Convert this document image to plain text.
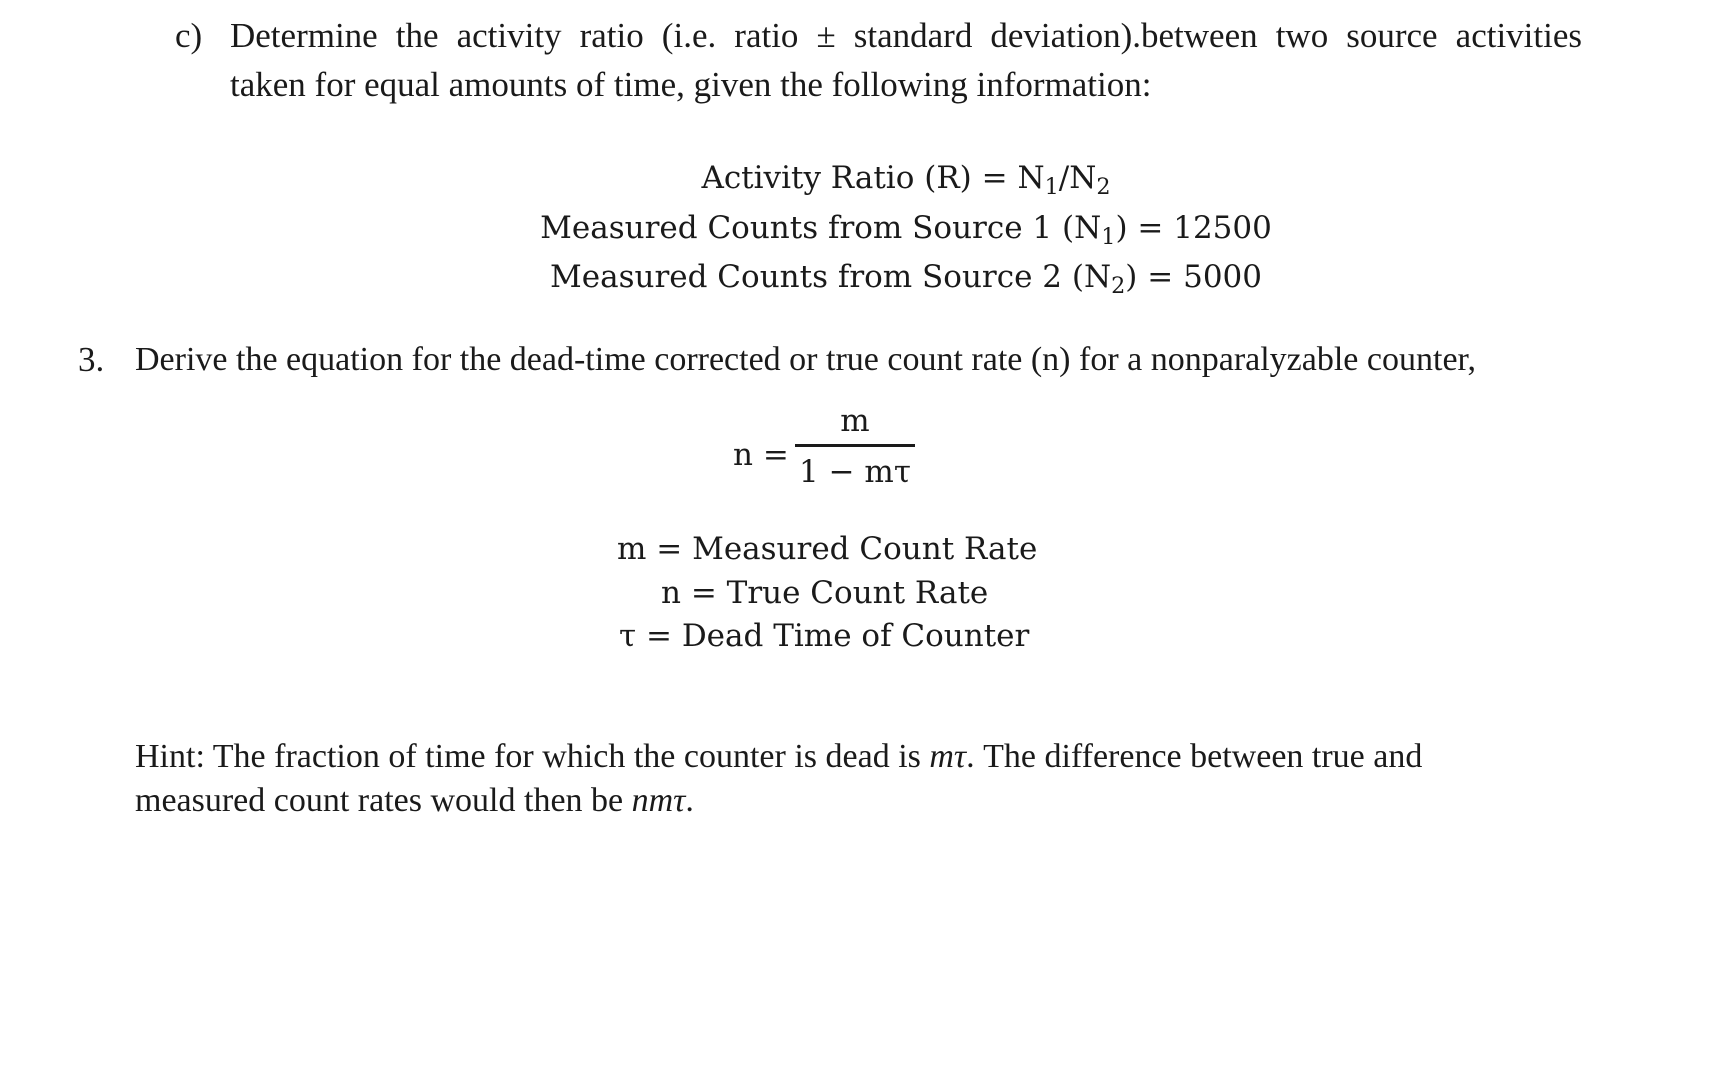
c) Determine the activity ratio (i.e. ratio ± standard deviation).between two source activities
taken for equal amounts of time, given the following information:
Activity Ratio $(R) = N_1/N_2$
Measured Counts from Source 1 $(N_1) = 12500$
Measured Counts from Source 2 $(N_2) = 5000$
3. Derive the equation for the dead-time corrected or true count rate (n) for a nonparalyzable counter,
n =
m
1 − mτ
m = Measured Count Rate
n = True Count Rate
τ = Dead Time of Counter
Hint: The fraction of time for which the counter is dead is mτ. The difference between true and
measured count rates would then be nmτ.
